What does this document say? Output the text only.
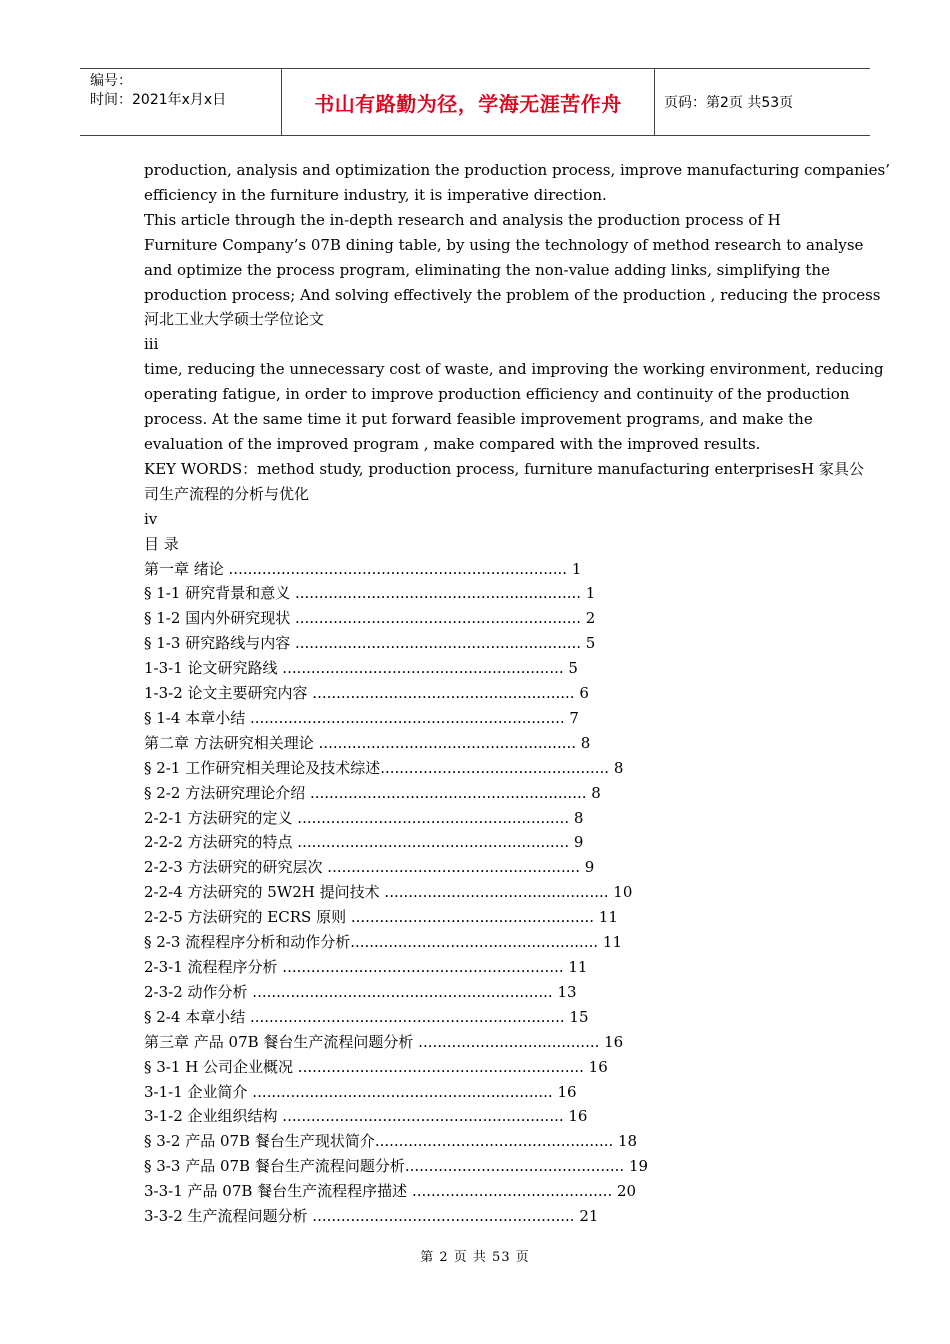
编号：
时间：2021年x月x日	书山有路勤为径，学海无涯苦作舟	页码：第2页 共53页
production, analysis and optimization the production process, improve manufacturing companies’
efficiency in the furniture industry, it is imperative direction.
This article through the in-depth research and analysis the production process of H
Furniture Company’s 07B dining table, by using the technology of method research to analyse
and optimize the process program, eliminating the non-value adding links, simplifying the
production process; And solving effectively the problem of the production , reducing the process
河北工业大学硕士学位论文
iii
time, reducing the unnecessary cost of waste, and improving the working environment, reducing
operating fatigue, in order to improve production efficiency and continuity of the production
process. At the same time it put forward feasible improvement programs, and make the
evaluation of the improved program , make compared with the improved results.
KEY WORDS：method study, production process, furniture manufacturing enterprisesH 家具公
司生产流程的分析与优化
iv
目 录
第一章 绪论 ....................................................................... 1
§ 1-1 研究背景和意义 ............................................................ 1
§ 1-2 国内外研究现状 ............................................................ 2
§ 1-3 研究路线与内容 ............................................................ 5
1-3-1 论文研究路线 ........................................................... 5
1-3-2 论文主要研究内容 ....................................................... 6
§ 1-4 本章小结 .................................................................. 7
第二章 方法研究相关理论 ...................................................... 8
§ 2-1 工作研究相关理论及技术综述................................................ 8
§ 2-2 方法研究理论介绍 .......................................................... 8
2-2-1 方法研究的定义 ......................................................... 8
2-2-2 方法研究的特点 ......................................................... 9
2-2-3 方法研究的研究层次 ..................................................... 9
2-2-4 方法研究的 5W2H 提问技术 ............................................... 10
2-2-5 方法研究的 ECRS 原则 ................................................... 11
§ 2-3 流程程序分析和动作分析.................................................... 11
2-3-1 流程程序分析 ........................................................... 11
2-3-2 动作分析 ............................................................... 13
§ 2-4 本章小结 .................................................................. 15
第三章 产品 07B 餐台生产流程问题分析 ...................................... 16
§ 3-1 H 公司企业概况 ............................................................ 16
3-1-1 企业简介 ............................................................... 16
3-1-2 企业组织结构 ........................................................... 16
§ 3-2 产品 07B 餐台生产现状简介.................................................. 18
§ 3-3 产品 07B 餐台生产流程问题分析.............................................. 19
3-3-1 产品 07B 餐台生产流程程序描述 .......................................... 20
3-3-2 生产流程问题分析 ....................................................... 21
第 2 页 共 53 页
